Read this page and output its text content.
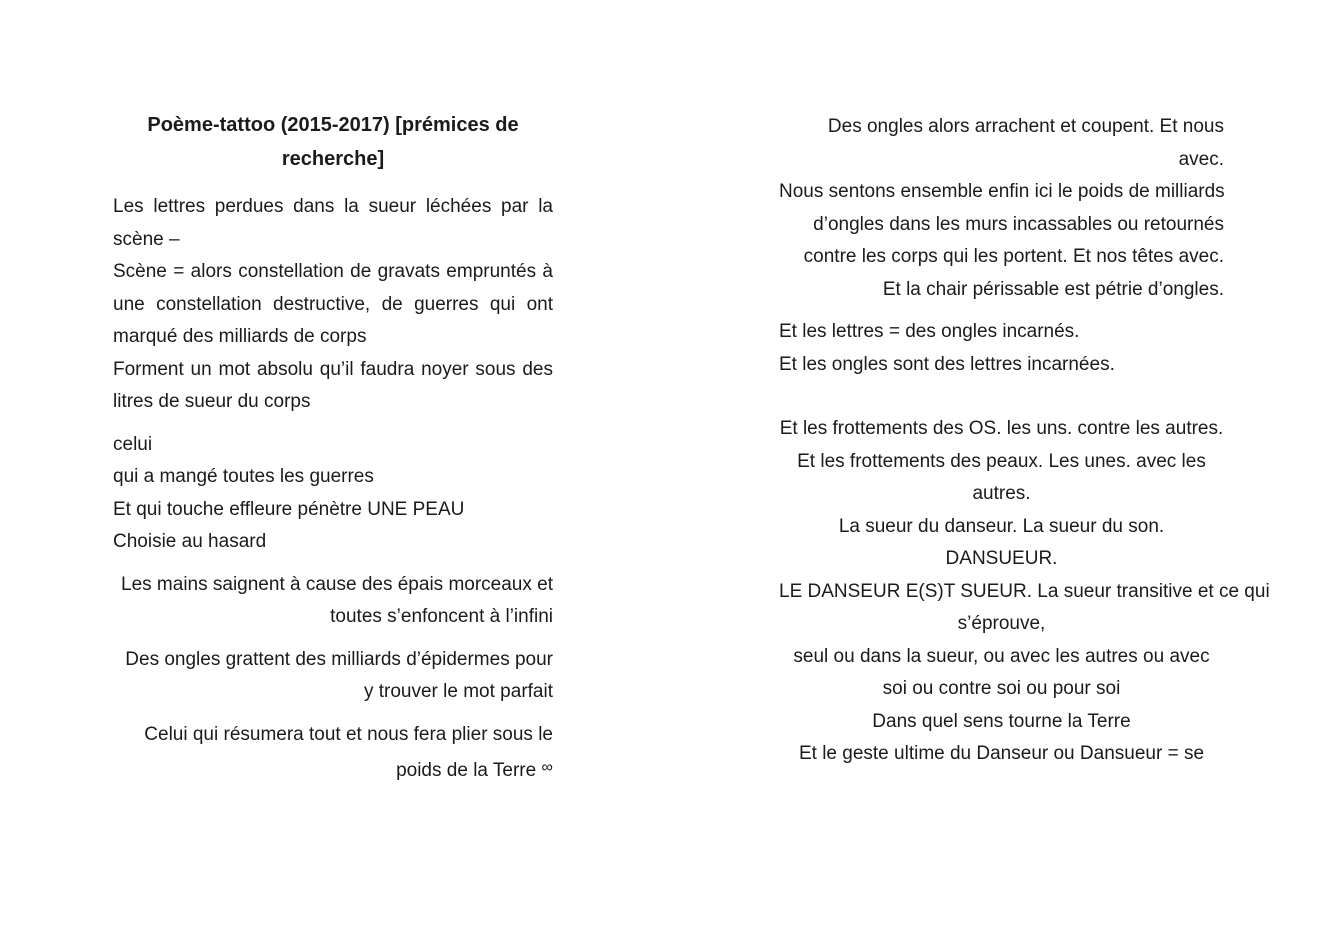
Poème-tattoo (2015-2017) [prémices de
recherche]
Les lettres perdues dans la sueur léchées par la
scène –
Scène = alors constellation de gravats empruntés à
une constellation destructive, de guerres qui ont
marqué des milliards de corps
Forment un mot absolu qu’il faudra noyer sous des
litres de sueur du corps
celui
qui a mangé toutes les guerres
Et qui touche effleure pénètre UNE PEAU
Choisie au hasard
Les mains saignent à cause des épais morceaux et
toutes s’enfoncent à l’infini
Des ongles grattent des milliards d’épidermes pour
y trouver le mot parfait
Celui qui résumera tout et nous fera plier sous le
poids de la Terre ∞
Des ongles alors arrachent et coupent. Et nous
avec.
Nous sentons ensemble enfin ici le poids de milliards
d’ongles dans les murs incassables ou retournés
contre les corps qui les portent. Et nos têtes avec.
Et la chair périssable est pétrie d’ongles.
Et les lettres = des ongles incarnés.
Et les ongles sont des lettres incarnées.
Et les frottements des OS. les uns. contre les autres.
Et les frottements des peaux. Les unes. avec les
autres.
La sueur du danseur. La sueur du son.
DANSUEUR.
LE DANSEUR E(S)T SUEUR. La sueur transitive et ce qui
s’éprouve,
seul ou dans la sueur, ou avec les autres ou avec
soi ou contre soi ou pour soi
Dans quel sens tourne la Terre
Et le geste ultime du Danseur ou Dansueur = se
